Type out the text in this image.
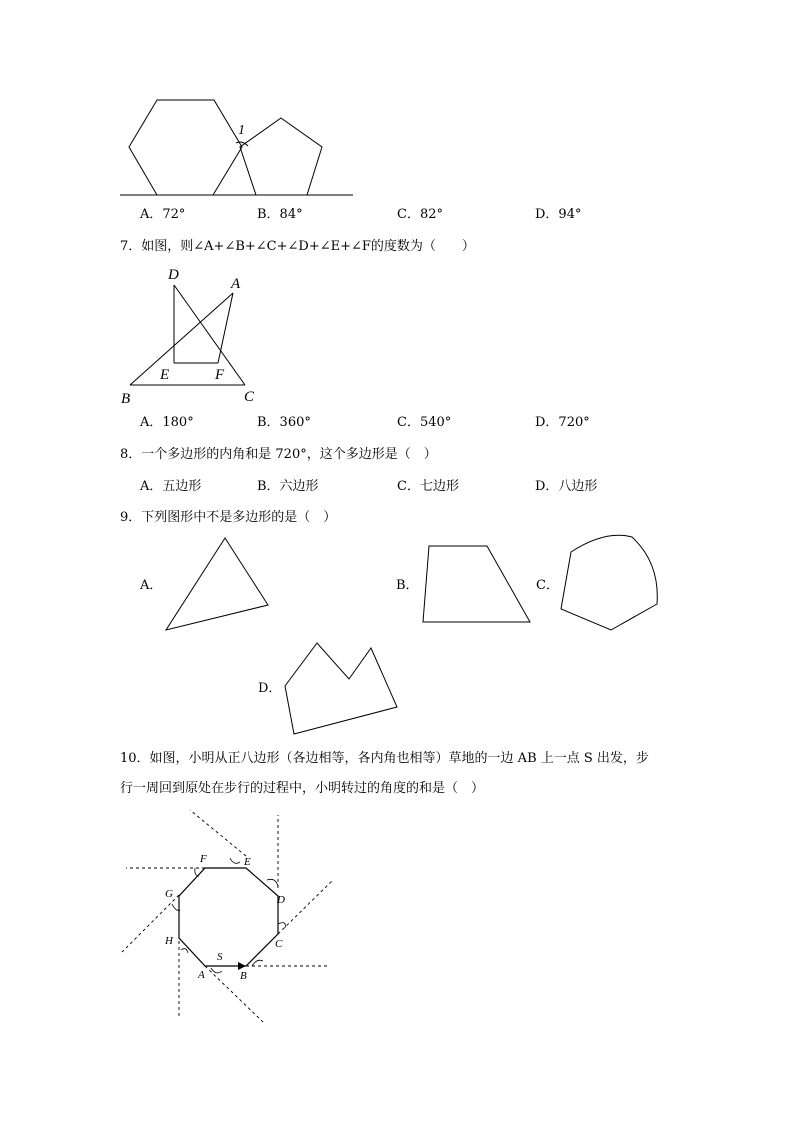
1
A．72°	B．84°	C．82°	D．94°
7．如图，则∠A+∠B+∠C+∠D+∠E+∠F的度数为（　　）
D
A
E	F
B	C
A．180°	B．360°	C．540°	D．720°
8．一个多边形的内角和是 720°，这个多边形是（　）
A．五边形	B．六边形	C．七边形	D．八边形
9．下列图形中不是多边形的是（　）
A．	B．	C．
D．
10．如图，小明从正八边形（各边相等，各内角也相等）草地的一边 AB 上一点 S 出发，步
行一周回到原处在步行的过程中，小明转过的角度的和是（　）
A	B
C
D
E
F
G
H
S
